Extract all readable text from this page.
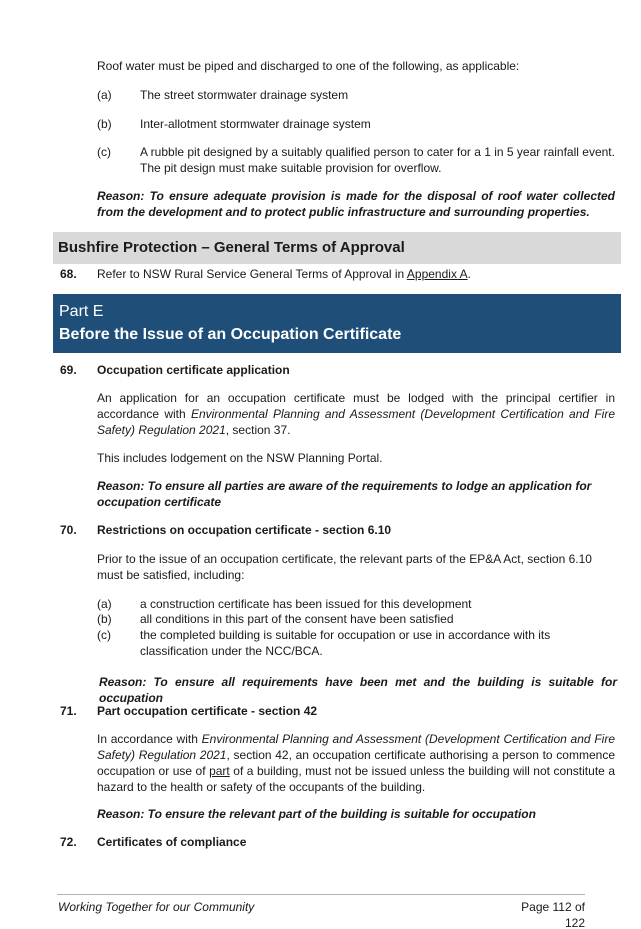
Roof water must be piped and discharged to one of the following, as applicable:
(a)	The street stormwater drainage system
(b)	Inter-allotment stormwater drainage system
(c)	A rubble pit designed by a suitably qualified person to cater for a 1 in 5 year rainfall event. The pit design must make suitable provision for overflow.
Reason: To ensure adequate provision is made for the disposal of roof water collected from the development and to protect public infrastructure and surrounding properties.
Bushfire Protection – General Terms of Approval
68. Refer to NSW Rural Service General Terms of Approval in Appendix A.
Part E
Before the Issue of an Occupation Certificate
69. Occupation certificate application
An application for an occupation certificate must be lodged with the principal certifier in accordance with Environmental Planning and Assessment (Development Certification and Fire Safety) Regulation 2021, section 37.
This includes lodgement on the NSW Planning Portal.
Reason: To ensure all parties are aware of the requirements to lodge an application for occupation certificate
70. Restrictions on occupation certificate - section 6.10
Prior to the issue of an occupation certificate, the relevant parts of the EP&A Act, section 6.10 must be satisfied, including:
(a)	a construction certificate has been issued for this development
(b)	all conditions in this part of the consent have been satisfied
(c)	the completed building is suitable for occupation or use in accordance with its classification under the NCC/BCA.
Reason: To ensure all requirements have been met and the building is suitable for occupation
71. Part occupation certificate - section 42
In accordance with Environmental Planning and Assessment (Development Certification and Fire Safety) Regulation 2021, section 42, an occupation certificate authorising a person to commence occupation or use of part of a building, must not be issued unless the building will not constitute a hazard to the health or safety of the occupants of the building.
Reason: To ensure the relevant part of the building is suitable for occupation
72. Certificates of compliance
Working Together for our Community	Page 112 of 122
